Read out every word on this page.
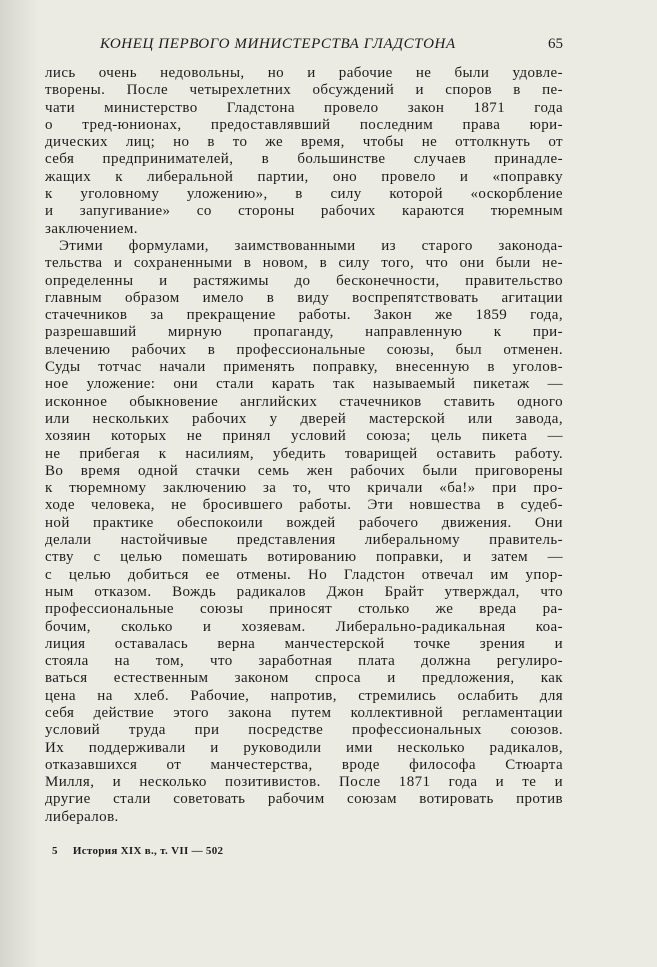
КОНЕЦ ПЕРВОГО МИНИСТЕРСТВА ГЛАДСТОНА	65
лись очень недовольны, но и рабочие не были удовле-
творены. После четырехлетних обсуждений и споров в пе-
чати министерство Гладстона провело закон 1871 года
о тред-юнионах, предоставлявший последним права юри-
дических лиц; но в то же время, чтобы не оттолкнуть от
себя предпринимателей, в большинстве случаев принадле-
жащих к либеральной партии, оно провело и «поправку
к уголовному уложению», в силу которой «оскорбление
и запугивание» со стороны рабочих караются тюремным
заключением.
Этими формулами, заимствованными из старого законода-
тельства и сохраненными в новом, в силу того, что они были не-
определенны и растяжимы до бесконечности, правительство
главным образом имело в виду воспрепятствовать агитации
стачечников за прекращение работы. Закон же 1859 года,
разрешавший мирную пропаганду, направленную к при-
влечению рабочих в профессиональные союзы, был отменен.
Суды тотчас начали применять поправку, внесенную в уголов-
ное уложение: они стали карать так называемый пикетаж —
исконное обыкновение английских стачечников ставить одного
или нескольких рабочих у дверей мастерской или завода,
хозяин которых не принял условий союза; цель пикета —
не прибегая к насилиям, убедить товарищей оставить работу.
Во время одной стачки семь жен рабочих были приговорены
к тюремному заключению за то, что кричали «ба!» при про-
ходе человека, не бросившего работы. Эти новшества в судеб-
ной практике обеспокоили вождей рабочего движения. Они
делали настойчивые представления либеральному правитель-
ству с целью помешать вотированию поправки, и затем —
с целью добиться ее отмены. Но Гладстон отвечал им упор-
ным отказом. Вождь радикалов Джон Брайт утверждал, что
профессиональные союзы приносят столько же вреда ра-
бочим, сколько и хозяевам. Либерально-радикальная коа-
лиция оставалась верна манчестерской точке зрения и
стояла на том, что заработная плата должна регулиро-
ваться естественным законом спроса и предложения, как
цена на хлеб. Рабочие, напротив, стремились ослабить для
себя действие этого закона путем коллективной регламентации
условий труда при посредстве профессиональных союзов.
Их поддерживали и руководили ими несколько радикалов,
отказавшихся от манчестерства, вроде философа Стюарта
Милля, и несколько позитивистов. После 1871 года и те и
другие стали советовать рабочим союзам вотировать против
либералов.
5 История XIX в., т. VII — 502
